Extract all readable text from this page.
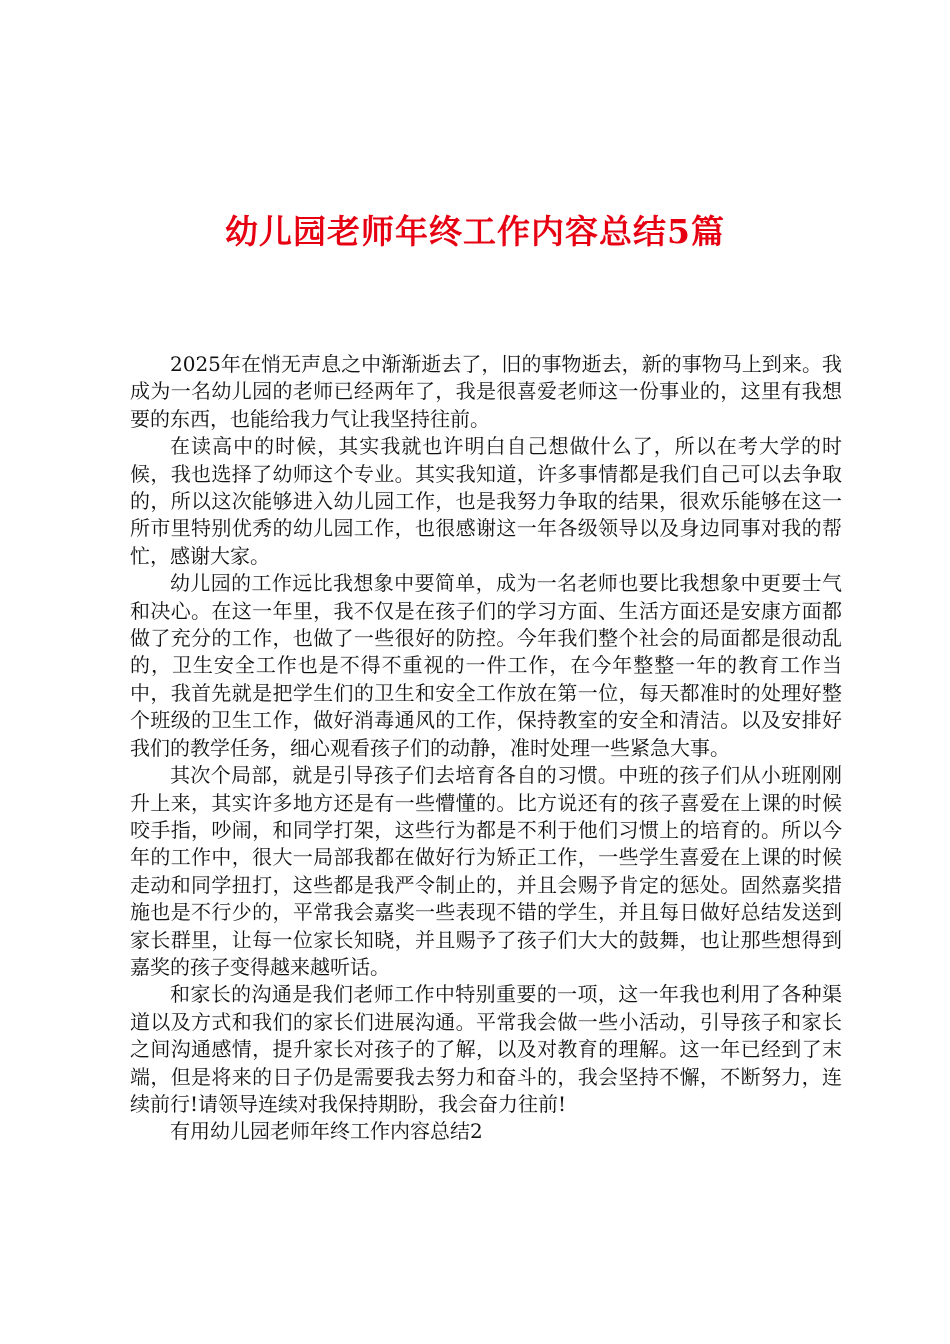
幼儿园老师年终工作内容总结5篇

2025年在悄无声息之中渐渐逝去了，旧的事物逝去，新的事物马上到来。我成为一名幼儿园的老师已经两年了，我是很喜爱老师这一份事业的，这里有我想要的东西，也能给我力气让我坚持往前。

在读高中的时候，其实我就也许明白自己想做什么了，所以在考大学的时候，我也选择了幼师这个专业。其实我知道，许多事情都是我们自己可以去争取的，所以这次能够进入幼儿园工作，也是我努力争取的结果，很欢乐能够在这一所市里特别优秀的幼儿园工作，也很感谢这一年各级领导以及身边同事对我的帮忙，感谢大家。

幼儿园的工作远比我想象中要简单，成为一名老师也要比我想象中更要士气和决心。在这一年里，我不仅是在孩子们的学习方面、生活方面还是安康方面都做了充分的工作，也做了一些很好的防控。今年我们整个社会的局面都是很动乱的，卫生安全工作也是不得不重视的一件工作，在今年整整一年的教育工作当中，我首先就是把学生们的卫生和安全工作放在第一位，每天都准时的处理好整个班级的卫生工作，做好消毒通风的工作，保持教室的安全和清洁。以及安排好我们的教学任务，细心观看孩子们的动静，准时处理一些紧急大事。

其次个局部，就是引导孩子们去培育各自的习惯。中班的孩子们从小班刚刚升上来，其实许多地方还是有一些懵懂的。比方说还有的孩子喜爱在上课的时候咬手指，吵闹，和同学打架，这些行为都是不利于他们习惯上的培育的。所以今年的工作中，很大一局部我都在做好行为矫正工作，一些学生喜爱在上课的时候走动和同学扭打，这些都是我严令制止的，并且会赐予肯定的惩处。固然嘉奖措施也是不行少的，平常我会嘉奖一些表现不错的学生，并且每日做好总结发送到家长群里，让每一位家长知晓，并且赐予了孩子们大大的鼓舞，也让那些想得到嘉奖的孩子变得越来越听话。

和家长的沟通是我们老师工作中特别重要的一项，这一年我也利用了各种渠道以及方式和我们的家长们进展沟通。平常我会做一些小活动，引导孩子和家长之间沟通感情，提升家长对孩子的了解，以及对教育的理解。这一年已经到了末端，但是将来的日子仍是需要我去努力和奋斗的，我会坚持不懈，不断努力，连续前行!请领导连续对我保持期盼，我会奋力往前!

有用幼儿园老师年终工作内容总结2
